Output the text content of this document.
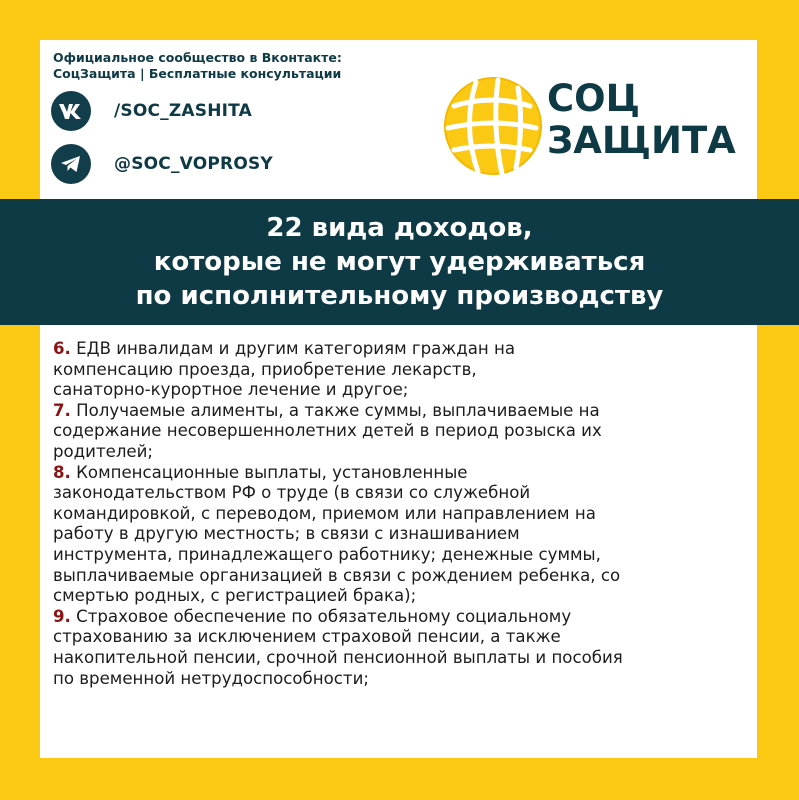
Официальное сообщество в Вконтакте:
СоцЗащита | Бесплатные консультации
/SOC_ZASHITA
@SOC_VOPROSY
СОЦ
ЗАЩИТА
22 вида доходов,
которые не могут удерживаться
по исполнительному производству

6. ЕДВ инвалидам и другим категориям граждан на

компенсацию проезда, приобретение лекарств,

санаторно-курортное лечение и другое;

7. Получаемые алименты, а также суммы, выплачиваемые на

содержание несовершеннолетних детей в период розыска их

родителей;

8. Компенсационные выплаты, установленные

законодательством РФ о труде (в связи со служебной

командировкой, с переводом, приемом или направлением на

работу в другую местность; в связи с изнашиванием

инструмента, принадлежащего работнику; денежные суммы,

выплачиваемые организацией в связи с рождением ребенка, со

смертью родных, с регистрацией брака);

9. Страховое обеспечение по обязательному социальному

страхованию за исключением страховой пенсии, а также

накопительной пенсии, срочной пенсионной выплаты и пособия

по временной нетрудоспособности;
